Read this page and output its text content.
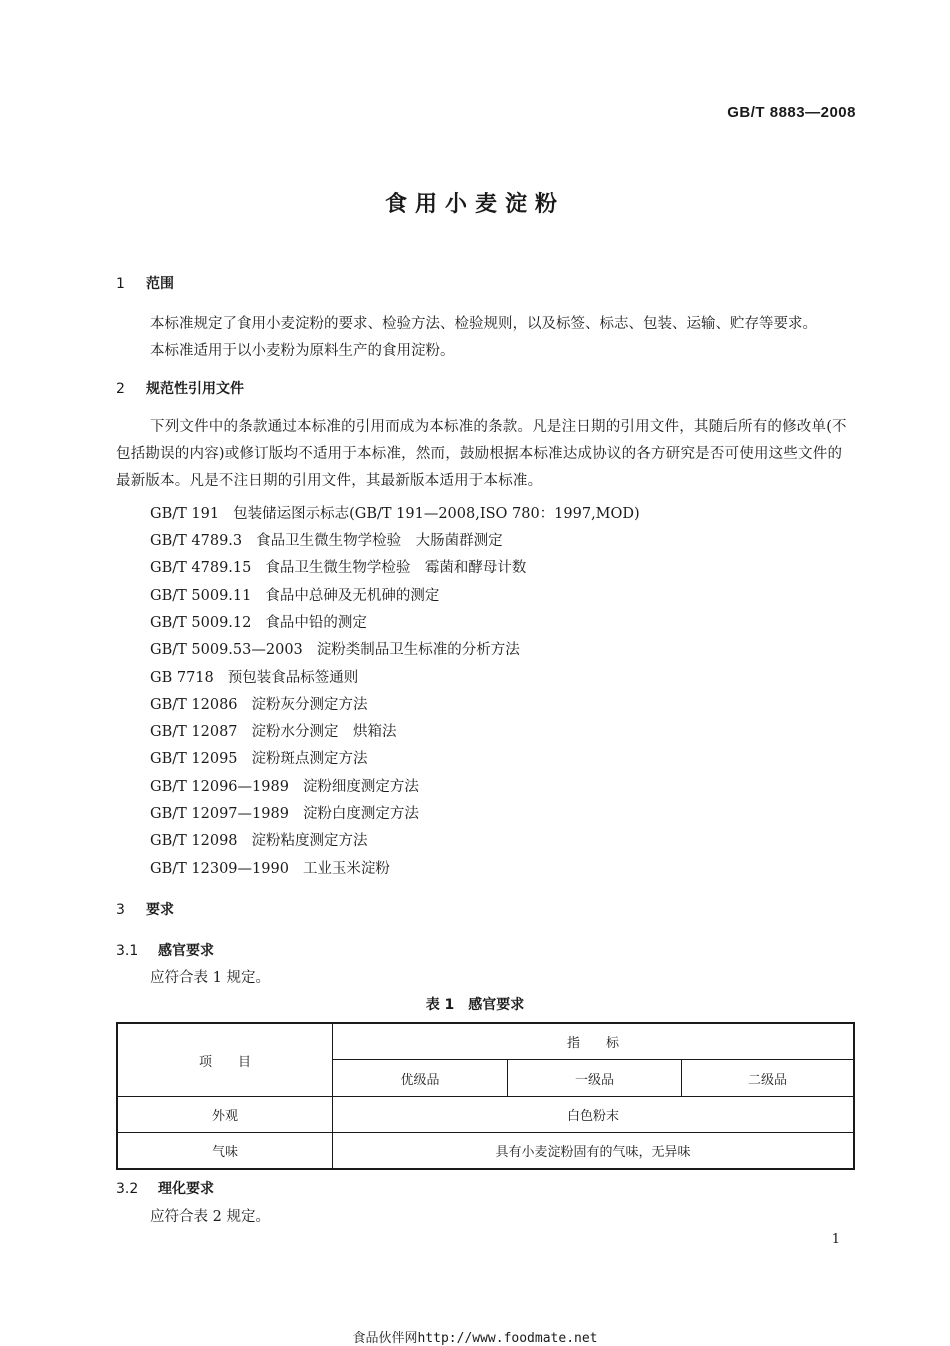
GB/T 8883—2008
食用小麦淀粉
1 范围
本标准规定了食用小麦淀粉的要求、检验方法、检验规则，以及标签、标志、包装、运输、贮存等要求。
本标准适用于以小麦粉为原料生产的食用淀粉。
2 规范性引用文件
下列文件中的条款通过本标准的引用而成为本标准的条款。凡是注日期的引用文件，其随后所有的修改单(不包括勘误的内容)或修订版均不适用于本标准，然而，鼓励根据本标准达成协议的各方研究是否可使用这些文件的最新版本。凡是不注日期的引用文件，其最新版本适用于本标准。
GB/T 191 包装储运图示标志(GB/T 191—2008,ISO 780：1997,MOD)
GB/T 4789.3 食品卫生微生物学检验　大肠菌群测定
GB/T 4789.15 食品卫生微生物学检验　霉菌和酵母计数
GB/T 5009.11 食品中总砷及无机砷的测定
GB/T 5009.12 食品中铅的测定
GB/T 5009.53—2003 淀粉类制品卫生标准的分析方法
GB 7718 预包装食品标签通则
GB/T 12086 淀粉灰分测定方法
GB/T 12087 淀粉水分测定　烘箱法
GB/T 12095 淀粉斑点测定方法
GB/T 12096—1989 淀粉细度测定方法
GB/T 12097—1989 淀粉白度测定方法
GB/T 12098 淀粉粘度测定方法
GB/T 12309—1990 工业玉米淀粉
3 要求
3.1 感官要求
应符合表 1 规定。
表 1　感官要求
项　　目	指　　标		
	优级品	一级品	二级品
外观	白色粉末		
气味	具有小麦淀粉固有的气味，无异味		
3.2 理化要求
应符合表 2 规定。
1
食品伙伴网http://www.foodmate.net
